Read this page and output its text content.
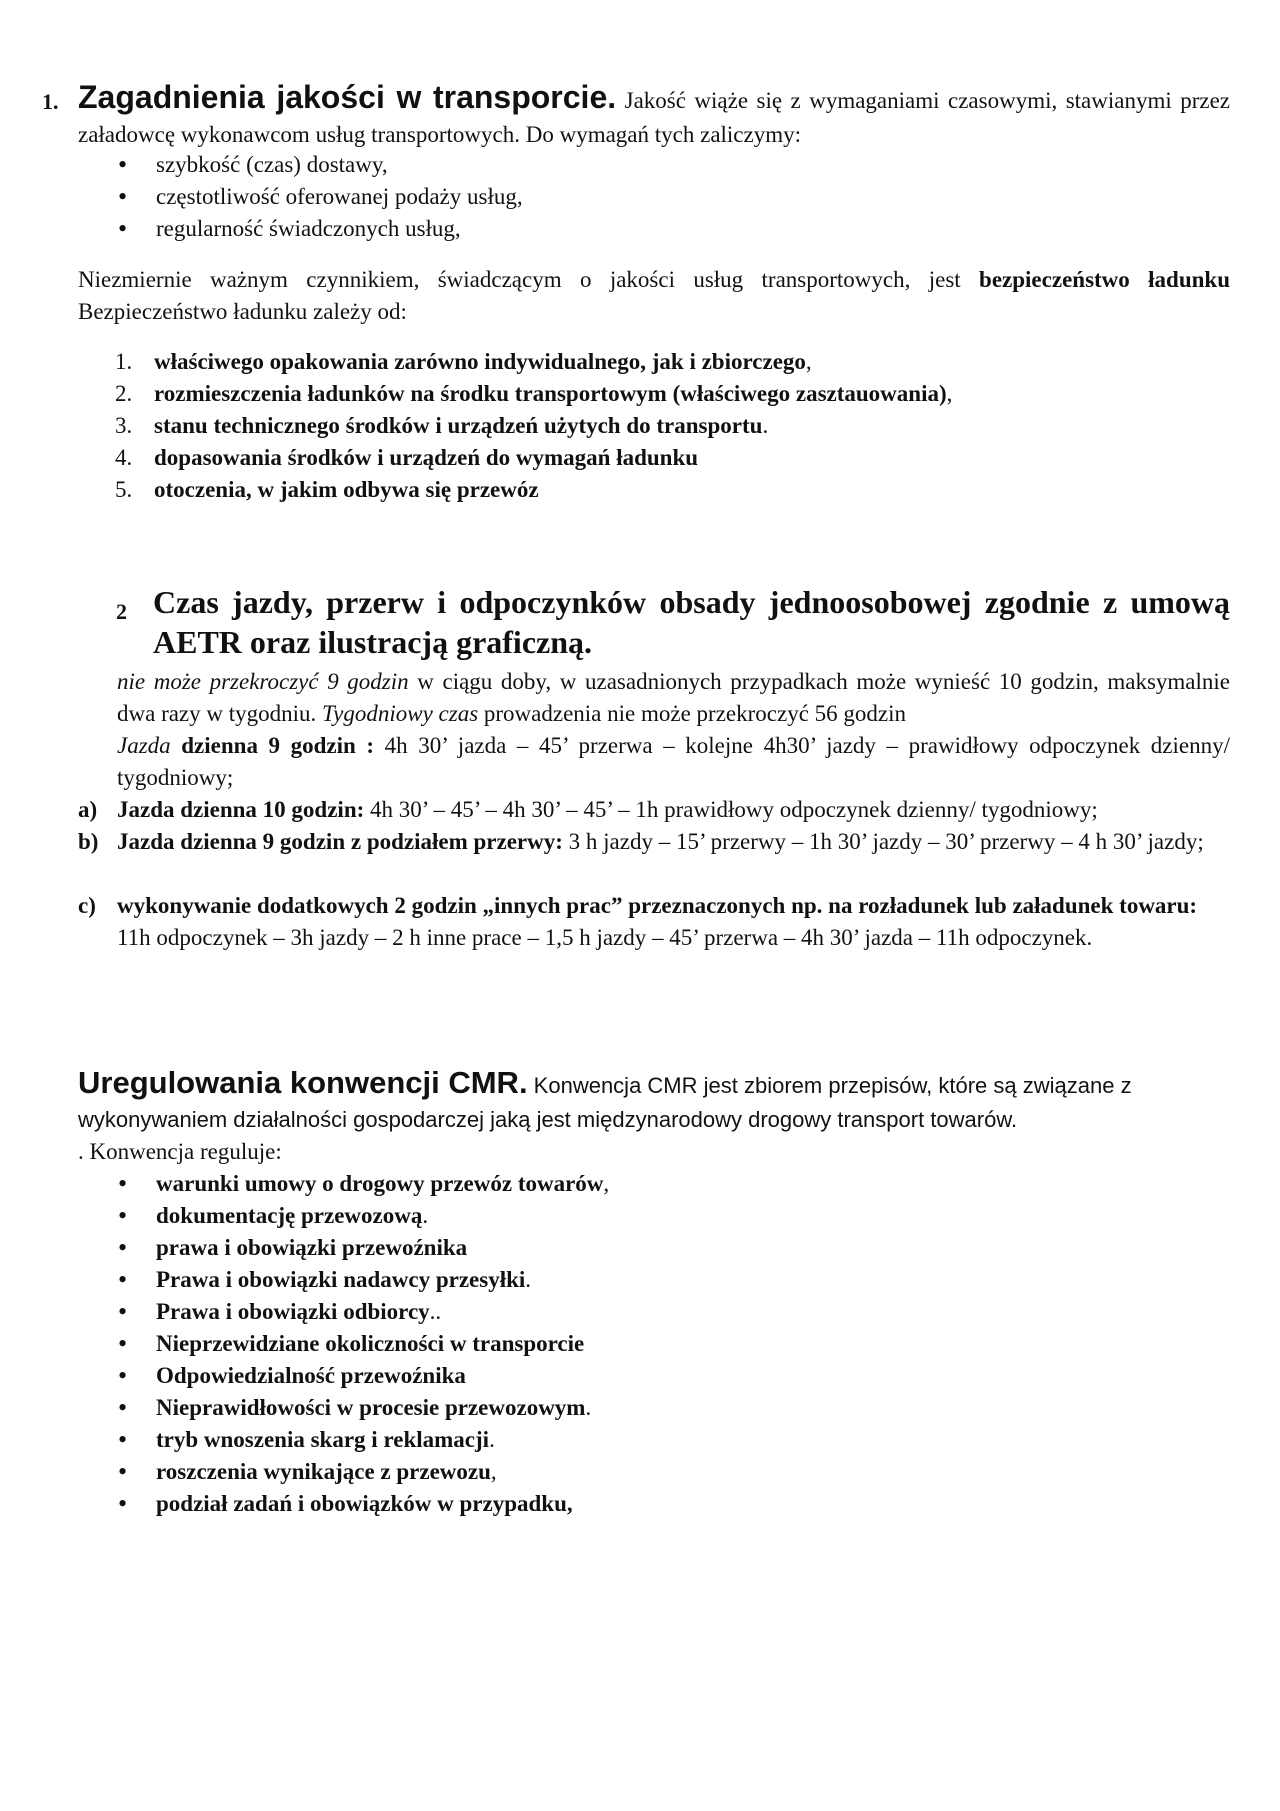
1. Zagadnienia jakości w transporcie. Jakość wiąże się z wymaganiami czasowymi, stawianymi przez załadowcę wykonawcom usług transportowych. Do wymagań tych zaliczymy:
•
szybkość (czas) dostawy,
•
częstotliwość oferowanej podaży usług,
•
regularność świadczonych usług,
Niezmiernie ważnym czynnikiem, świadczącym o jakości usług transportowych, jest bezpieczeństwo ładunku Bezpieczeństwo ładunku zależy od:
1. właściwego opakowania zarówno indywidualnego, jak i zbiorczego,
2. rozmieszczenia ładunków na środku transportowym (właściwego zasztauowania),
3. stanu technicznego środków i urządzeń użytych do transportu.
4. dopasowania środków i urządzeń do wymagań ładunku
5. otoczenia, w jakim odbywa się przewóz
2 Czas jazdy, przerw i odpoczynków obsady jednoosobowej zgodnie z umową AETR oraz ilustracją graficzną.
nie może przekroczyć 9 godzin w ciągu doby, w uzasadnionych przypadkach może wynieść 10 godzin, maksymalnie dwa razy w tygodniu. Tygodniowy czas prowadzenia nie może przekroczyć 56 godzin
Jazda dzienna 9 godzin : 4h 30’ jazda – 45’ przerwa – kolejne 4h30’ jazdy – prawidłowy odpoczynek dzienny/ tygodniowy;
a) Jazda dzienna 10 godzin: 4h 30’ – 45’ – 4h 30’ – 45’ – 1h prawidłowy odpoczynek dzienny/ tygodniowy;
b) Jazda dzienna 9 godzin z podziałem przerwy: 3 h jazdy – 15’ przerwy – 1h 30’ jazdy – 30’ przerwy – 4 h 30’ jazdy;
c) wykonywanie dodatkowych 2 godzin „innych prac” przeznaczonych np. na rozładunek lub załadunek towaru: 11h odpoczynek – 3h jazdy – 2 h inne prace – 1,5 h jazdy – 45’ przerwa – 4h 30’ jazda – 11h odpoczynek.
Uregulowania konwencji CMR. Konwencja CMR jest zbiorem przepisów, które są związane z wykonywaniem działalności gospodarczej jaką jest międzynarodowy drogowy transport towarów.
. Konwencja reguluje:
•
warunki umowy o drogowy przewóz towarów,
•
dokumentację przewozową.
•
prawa i obowiązki przewoźnika
•
Prawa i obowiązki nadawcy przesyłki.
•
Prawa i obowiązki odbiorcy..
•
Nieprzewidziane okoliczności w transporcie
•
Odpowiedzialność przewoźnika
•
Nieprawidłowości w procesie przewozowym.
•
tryb wnoszenia skarg i reklamacji.
•
roszczenia wynikające z przewozu,
•
podział zadań i obowiązków w przypadku,
